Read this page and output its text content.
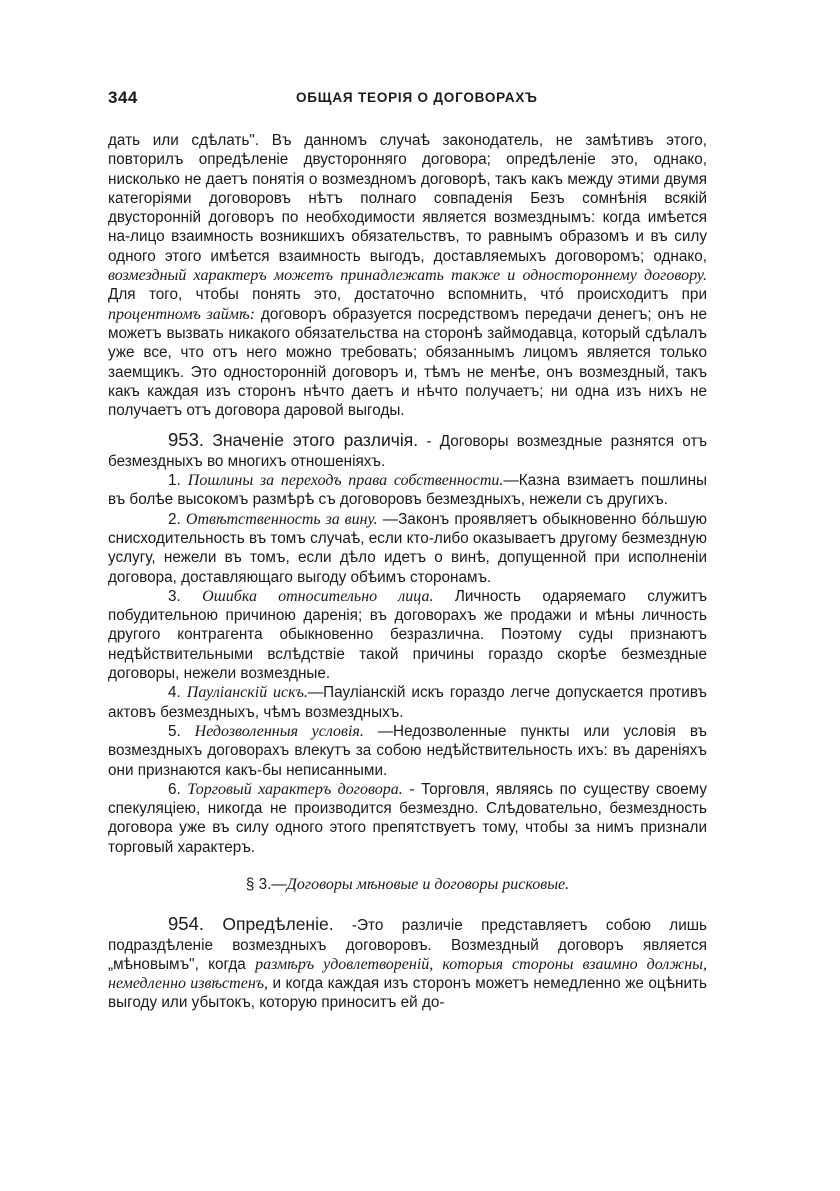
344	ОБЩАЯ ТЕОРІЯ О ДОГОВОРАХЪ

дать или сдѣлать". Въ данномъ случаѣ законодатель, не замѣтивъ этого, повторилъ опредѣленіе двусторонняго договора; опредѣленіе это, однако, нисколько не даетъ понятія о возмездномъ договорѣ, такъ какъ между этими двумя категоріями договоровъ нѣтъ полнаго совпаденія Безъ сомнѣнія всякій двусторонній договоръ по необходимости является возмезднымъ: когда имѣется на-лицо взаимность возникшихъ обязательствъ, то равнымъ образомъ и въ силу одного этого имѣется взаимность выгодъ, доставляемыхъ договоромъ; однако, возмездный характеръ можетъ принадлежать также и одностороннему договору. Для того, чтобы понять это, достаточно вспомнить, что́ происходитъ при процентномъ займѣ: договоръ образуется посредствомъ передачи денегъ; онъ не можетъ вызвать никакого обязательства на сторонѣ займодавца, который сдѣлалъ уже все, что отъ него можно требовать; обязаннымъ лицомъ является только заемщикъ. Это односторонній договоръ и, тѣмъ не менѣе, онъ возмездный, такъ какъ каждая изъ сторонъ нѣчто даетъ и нѣчто получаетъ; ни одна изъ нихъ не получаетъ отъ договора даровой выгоды.

953. Значеніе этого различія. - Договоры возмездные разнятся отъ безмездныхъ во многихъ отношеніяхъ.

1. Пошлины за переходъ права собственности.—Казна взимаетъ пошлины въ болѣе высокомъ размѣрѣ съ договоровъ безмездныхъ, нежели съ другихъ.

2. Отвѣтственность за вину. —Законъ проявляетъ обыкновенно бо́льшую снисходительность въ томъ случаѣ, если кто-либо оказываетъ другому безмездную услугу, нежели въ томъ, если дѣло идетъ о винѣ, допущенной при исполненіи договора, доставляющаго выгоду обѣимъ сторонамъ.

3. Ошибка относительно лица. Личность одаряемаго служитъ побудительною причиною даренія; въ договорахъ же продажи и мѣны личность другого контрагента обыкновенно безразлична. Поэтому суды признаютъ недѣйствительными вслѣдствіе такой причины гораздо скорѣе безмездные договоры, нежели возмездные.

4. Пауліанскій искъ.—Пауліанскій искъ гораздо легче допускается противъ актовъ безмездныхъ, чѣмъ возмездныхъ.

5. Недозволенныя условія. —Недозволенные пункты или условія въ возмездныхъ договорахъ влекутъ за собою недѣйствительность ихъ: въ дареніяхъ они признаются какъ-бы неписанными.

6. Торговый характеръ договора. - Торговля, являясь по существу своему спекуляціею, никогда не производится безмездно. Слѣдовательно, безмездность договора уже въ силу одного этого препятствуетъ тому, чтобы за нимъ признали торговый характеръ.

§ 3.—Договоры мѣновые и договоры рисковые.

954. Опредѣленіе. -Это различіе представляетъ собою лишь подраздѣленіе возмездныхъ договоровъ. Возмездный договоръ является „мѣновымъ", когда размѣръ удовлетвореній, которыя стороны взаимно должны, немедленно извѣстенъ, и когда каждая изъ сторонъ можетъ немедленно же оцѣнить выгоду или убытокъ, которую приноситъ ей до-
